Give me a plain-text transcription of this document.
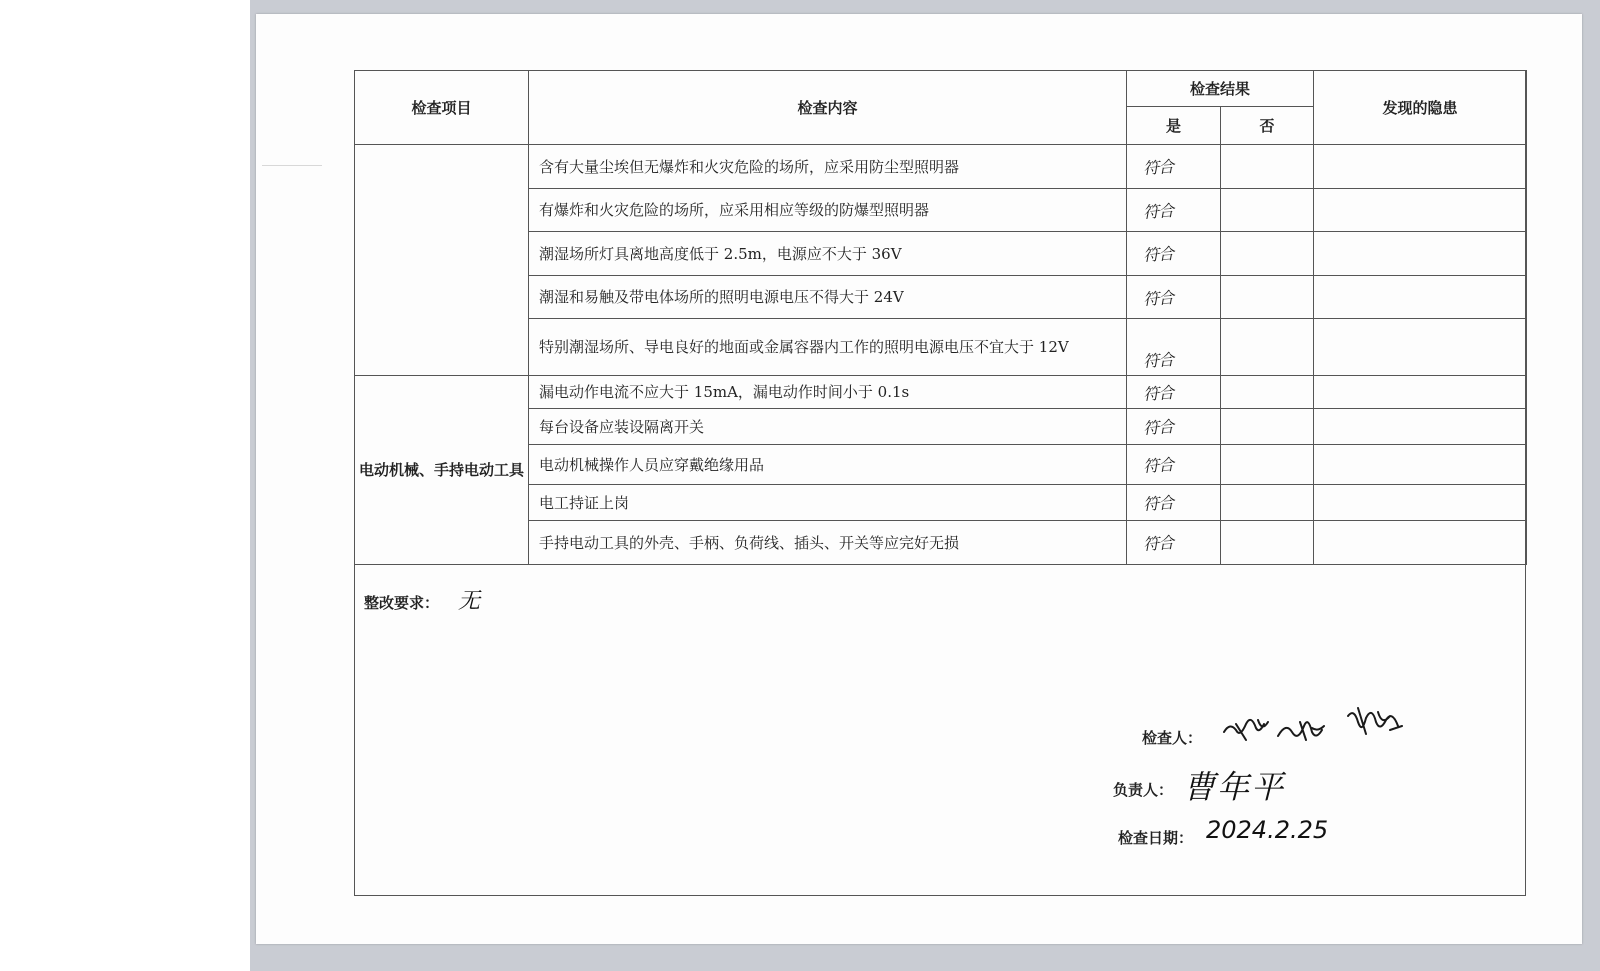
检查项目	检查内容	检查结果		发现的隐患
		是	否	
	含有大量尘埃但无爆炸和火灾危险的场所，应采用防尘型照明器	符合		
	有爆炸和火灾危险的场所，应采用相应等级的防爆型照明器	符合		
	潮湿场所灯具离地高度低于 2.5m，电源应不大于 36V	符合		
	潮湿和易触及带电体场所的照明电源电压不得大于 24V	符合		
	特别潮湿场所、导电良好的地面或金属容器内工作的照明电源电压不宜大于 12V	符合		
电动机械、手持电动工具	漏电动作电流不应大于 15mA，漏电动作时间小于 0.1s	符合		
	每台设备应装设隔离开关	符合		
	电动机械操作人员应穿戴绝缘用品	符合		
	电工持证上岗	符合		
	手持电动工具的外壳、手柄、负荷线、插头、开关等应完好无损	符合		
整改要求： 无
检查人：
负责人： 曹年平
检查日期： 2024.2.25
